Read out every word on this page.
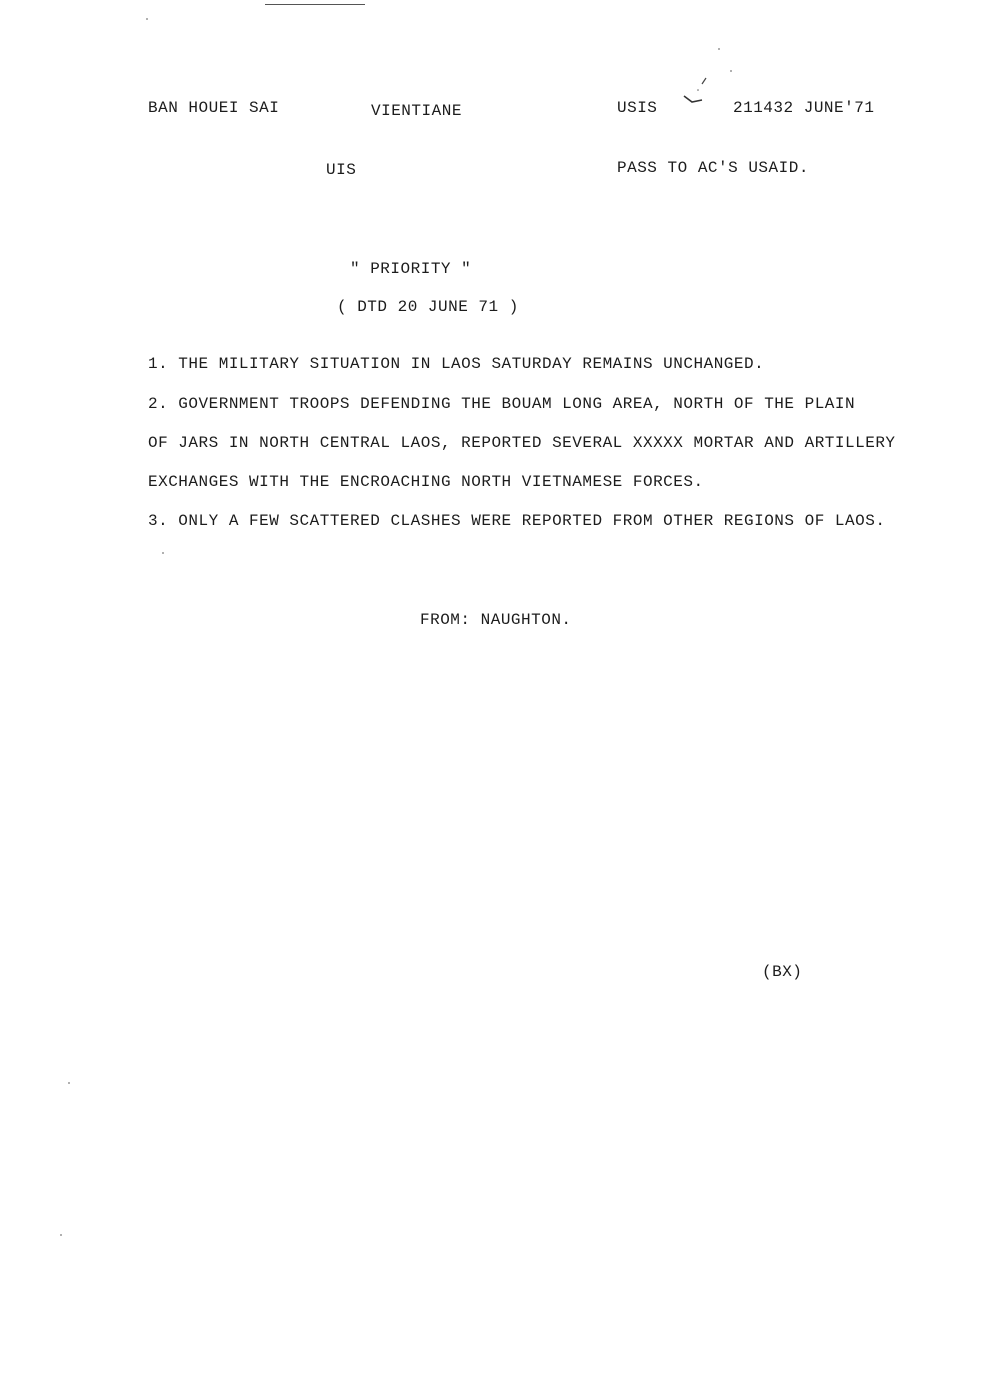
BAN HOUEI SAI	VIENTIANE	USIS	211432 JUNE'71
UIS	PASS TO AC'S USAID.
" PRIORITY "
( DTD 20 JUNE 71 )
1. THE MILITARY SITUATION IN LAOS SATURDAY REMAINS UNCHANGED.
2. GOVERNMENT TROOPS DEFENDING THE BOUAM LONG AREA, NORTH OF THE PLAIN
OF JARS IN NORTH CENTRAL LAOS, REPORTED SEVERAL XXXXX MORTAR AND ARTILLERY
EXCHANGES WITH THE ENCROACHING NORTH VIETNAMESE FORCES.
3. ONLY A FEW SCATTERED CLASHES WERE REPORTED FROM OTHER REGIONS OF LAOS.
FROM: NAUGHTON.
(BX)
